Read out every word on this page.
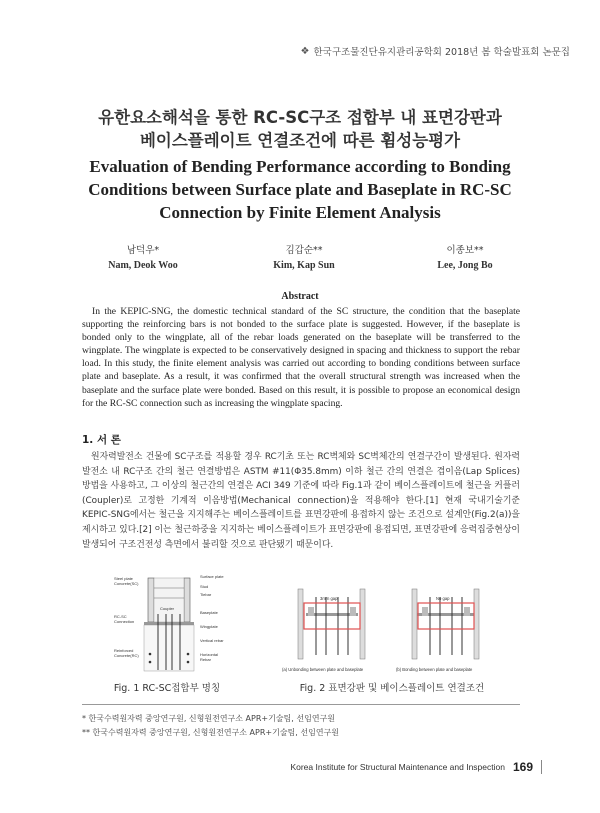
❖ 한국구조물진단유지관리공학회 2018년 봄 학술발표회 논문집
유한요소해석을 통한 RC-SC구조 접합부 내 표면강판과
베이스플레이트 연결조건에 따른 휨성능평가
Evaluation of Bending Performance according to Bonding
Conditions between Surface plate and Baseplate in RC-SC
Connection by Finite Element Analysis
남덕우*
Nam, Deok Woo
김갑순**
Kim, Kap Sun
이종보**
Lee, Jong Bo
Abstract

In the KEPIC-SNG, the domestic technical standard of the SC structure, the condition that the baseplate supporting the reinforcing bars is not bonded to the surface plate is suggested. However, if the baseplate is bonded only to the wingplate, all of the rebar loads generated on the baseplate will be transferred to the wingplate. The wingplate is expected to be conservatively designed in spacing and thickness to support the rebar load. In this study, the finite element analysis was carried out according to bonding conditions between surface plate and baseplate. As a result, it was confirmed that the overall structural strength was increased when the baseplate and the surface plate were bonded. Based on this result, it is possible to propose an economical design for the RC-SC connection such as increasing the wingplate spacing.

1. 서 론

원자력발전소 건물에 SC구조를 적용할 경우 RC기초 또는 RC벽체와 SC벽체간의 연결구간이 발생된다. 원자력발전소 내 RC구조 간의 철근 연결방법은 ASTM #11(Φ35.8mm) 이하 철근 간의 연결은 겹이음(Lap Splices) 방법을 사용하고, 그 이상의 철근간의 연결은 ACI 349 기준에 따라 Fig.1과 같이 베이스플레이트에 철근을 커플러(Coupler)로 고정한 기계적 이음방법(Mechanical connection)을 적용해야 한다.[1] 현재 국내기술기준 KEPIC-SNG에서는 철근을 지지해주는 베이스플레이트를 표면강판에 용접하지 않는 조건으로 설계안(Fig.2(a))을 제시하고 있다.[2] 이는 철근하중을 지지하는 베이스플레이트가 표면강판에 용접되면, 표면강판에 응력집중현상이 발생되어 구조건전성 측면에서 불리할 것으로 판단됐기 때문이다.

Steel plate
Concrete(SC)
Surface plate
Stud
Tiebar
Coupler
Baseplate
RC-SC
Connection
Wingplate
Vertical rebar
Reinforced
Concrete(RC)	Horizontal
Rebar
Fig. 1 RC-SC접합부 명칭
3mm gap
(a) Unbonding between plate and baseplate
No gap
(b) Bonding between plate and baseplate
Fig. 2 표면강판 및 베이스플레이트 연결조건
* 한국수력원자력 중앙연구원, 신형원전연구소 APR+기술팀, 선임연구원
** 한국수력원자력 중앙연구원, 신형원전연구소 APR+기술팀, 선임연구원
Korea Institute for Structural Maintenance and Inspection 169
